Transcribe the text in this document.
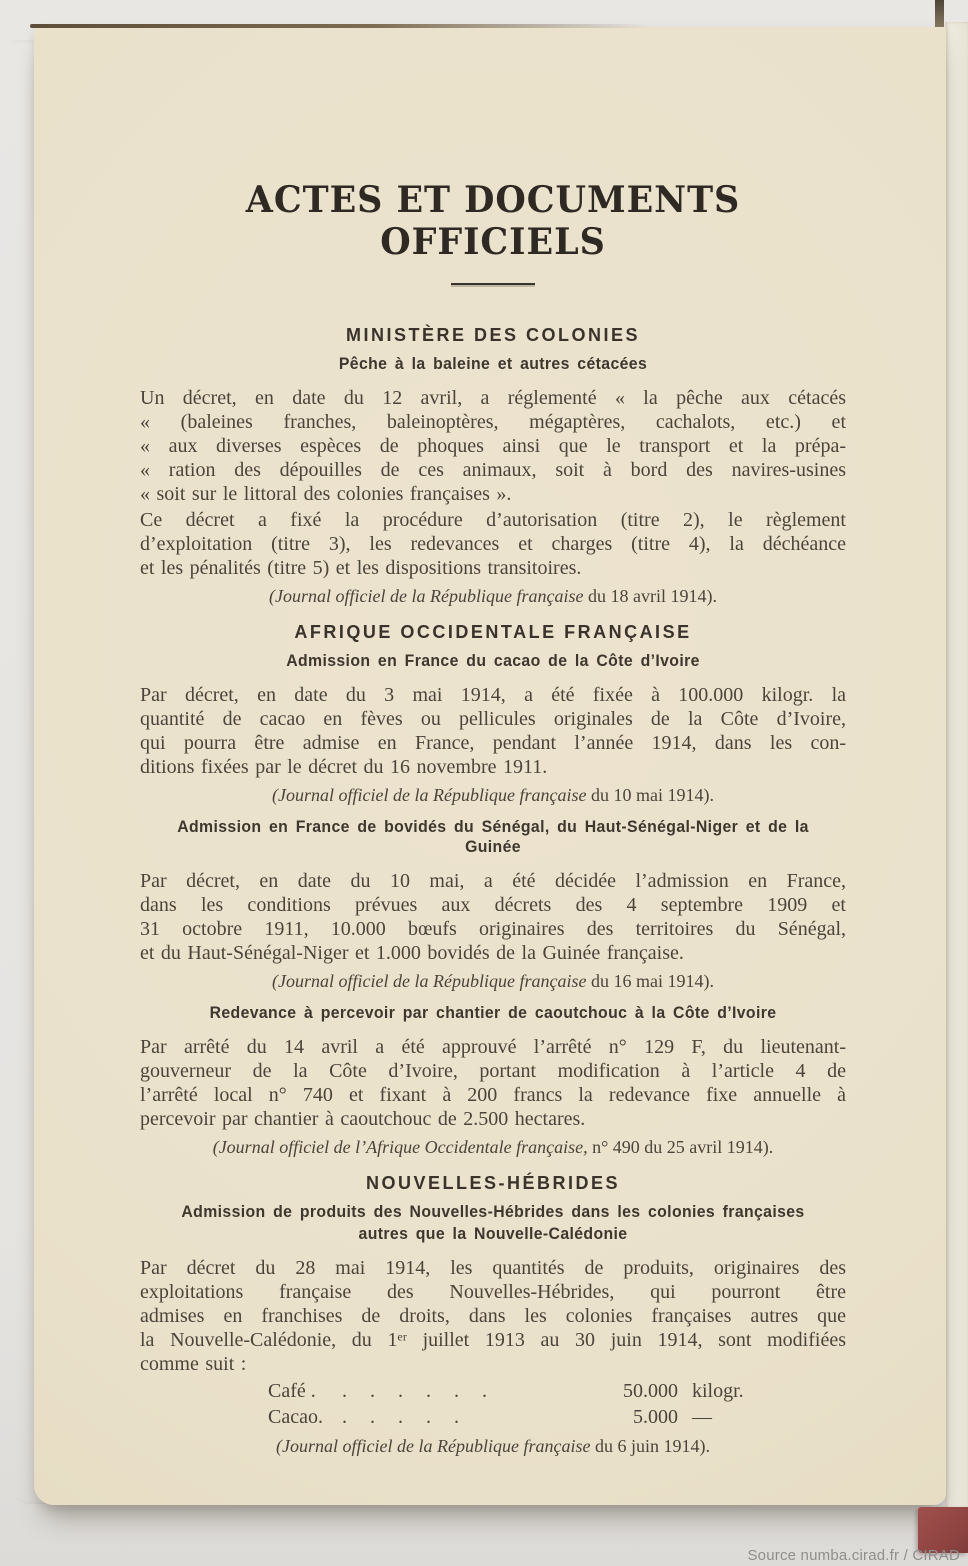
ACTES ET DOCUMENTS OFFICIELS
MINISTÈRE DES COLONIES
Pêche à la baleine et autres cétacées
Un décret, en date du 12 avril, a réglementé « la pêche aux cétacés
« (baleines franches, baleinoptères, mégaptères, cachalots, etc.) et
« aux diverses espèces de phoques ainsi que le transport et la prépa-
« ration des dépouilles de ces animaux, soit à bord des navires-usines
« soit sur le littoral des colonies françaises ».
Ce décret a fixé la procédure d’autorisation (titre 2), le règlement
d’exploitation (titre 3), les redevances et charges (titre 4), la déchéance
et les pénalités (titre 5) et les dispositions transitoires.

(Journal officiel de la République française du 18 avril 1914).

AFRIQUE OCCIDENTALE FRANÇAISE
Admission en France du cacao de la Côte d’Ivoire
Par décret, en date du 3 mai 1914, a été fixée à 100.000 kilogr. la
quantité de cacao en fèves ou pellicules originales de la Côte d’Ivoire,
qui pourra être admise en France, pendant l’année 1914, dans les con-
ditions fixées par le décret du 16 novembre 1911.

(Journal officiel de la République française du 10 mai 1914).

Admission en France de bovidés du Sénégal, du Haut-Sénégal-Niger et de la Guinée
Par décret, en date du 10 mai, a été décidée l’admission en France,
dans les conditions prévues aux décrets des 4 septembre 1909 et
31 octobre 1911, 10.000 bœufs originaires des territoires du Sénégal,
et du Haut-Sénégal-Niger et 1.000 bovidés de la Guinée française.

(Journal officiel de la République française du 16 mai 1914).

Redevance à percevoir par chantier de caoutchouc à la Côte d’Ivoire
Par arrêté du 14 avril a été approuvé l’arrêté n° 129 F, du lieutenant-
gouverneur de la Côte d’Ivoire, portant modification à l’article 4 de
l’arrêté local n° 740 et fixant à 200 francs la redevance fixe annuelle à
percevoir par chantier à caoutchouc de 2.500 hectares.

(Journal officiel de l’Afrique Occidentale française, n° 490 du 25 avril 1914).

NOUVELLES-HÉBRIDES
Admission de produits des Nouvelles-Hébrides dans les colonies françaises
autres que la Nouvelle-Calédonie
Par décret du 28 mai 1914, les quantités de produits, originaires des
exploitations française des Nouvelles-Hébrides, qui pourront être
admises en franchises de droits, dans les colonies françaises autres que
la Nouvelle-Calédonie, du 1ᵉʳ juillet 1913 au 30 juin 1914, sont modifiées
comme suit :
Café .	. . . . . .	50.000 kilogr.
Cacao. . . . . .	5.000 —

(Journal officiel de la République française du 6 juin 1914).

Source numba.cirad.fr / CIRAD
